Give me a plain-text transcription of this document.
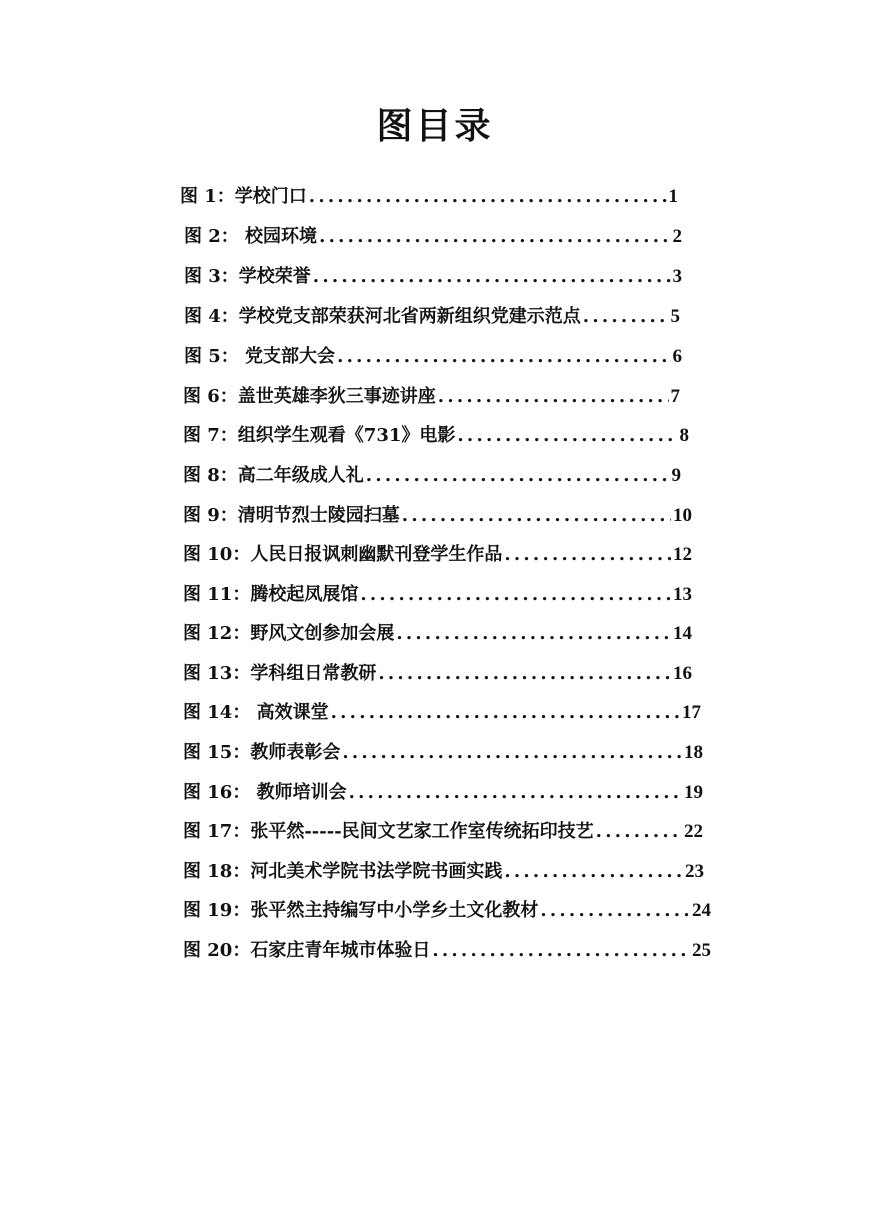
图目录
图 1：学校门口 . . .	1
图 2： 校园环境 . . .	2
图 3：学校荣誉 . . .	3
图 4：学校党支部荣获河北省两新组织党建示范点 . . .	5
图 5： 党支部大会 . . .	6
图 6：盖世英雄李狄三事迹讲座 . . .	7
图 7：组织学生观看《731》电影 . . .	8
图 8：高二年级成人礼 . . .	9
图 9：清明节烈士陵园扫墓 . . .	10
图 10：人民日报讽刺幽默刊登学生作品 . . .	12
图 11：腾校起凤展馆 . . .	13
图 12：野风文创参加会展 . . .	14
图 13：学科组日常教研 . . .	16
图 14： 高效课堂 . . .	17
图 15：教师表彰会 . . .	18
图 16： 教师培训会 . . .	19
图 17：张平然-----民间文艺家工作室传统拓印技艺 . . .	22
图 18：河北美术学院书法学院书画实践 . . .	23
图 19：张平然主持编写中小学乡土文化教材 . . .	24
图 20：石家庄青年城市体验日 . . .	25
